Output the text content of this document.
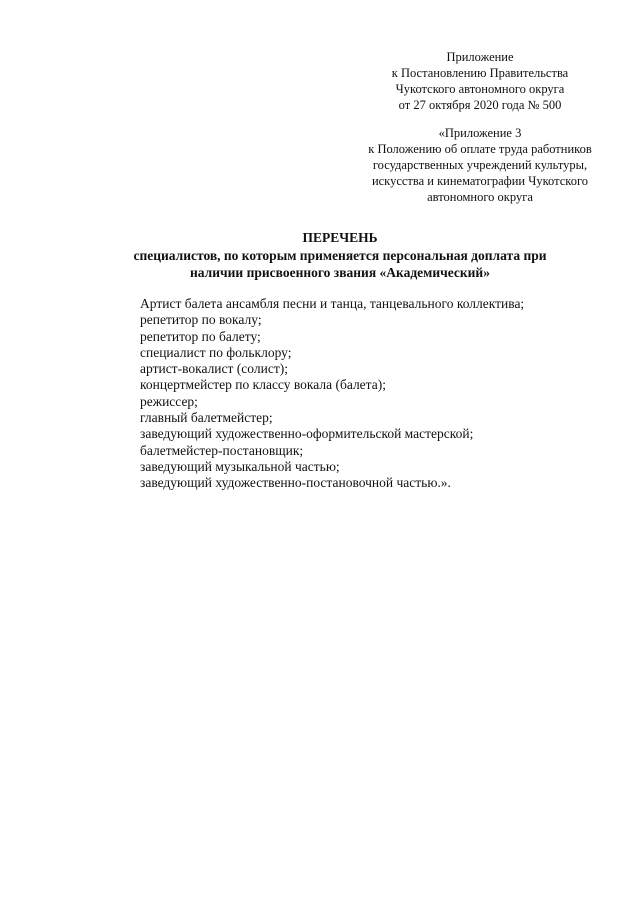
Приложение
к Постановлению Правительства
Чукотского автономного округа
от 27 октября 2020 года № 500
«Приложение 3
к Положению об оплате труда работников
государственных учреждений культуры,
искусства и кинематографии Чукотского
автономного округа
ПЕРЕЧЕНЬ
специалистов, по которым применяется персональная доплата при
наличии присвоенного звания «Академический»
Артист балета ансамбля песни и танца, танцевального коллектива;
репетитор по вокалу;
репетитор по балету;
специалист по фольклору;
артист-вокалист (солист);
концертмейстер по классу вокала (балета);
режиссер;
главный балетмейстер;
заведующий художественно-оформительской мастерской;
балетмейстер-постановщик;
заведующий музыкальной частью;
заведующий художественно-постановочной частью.».
